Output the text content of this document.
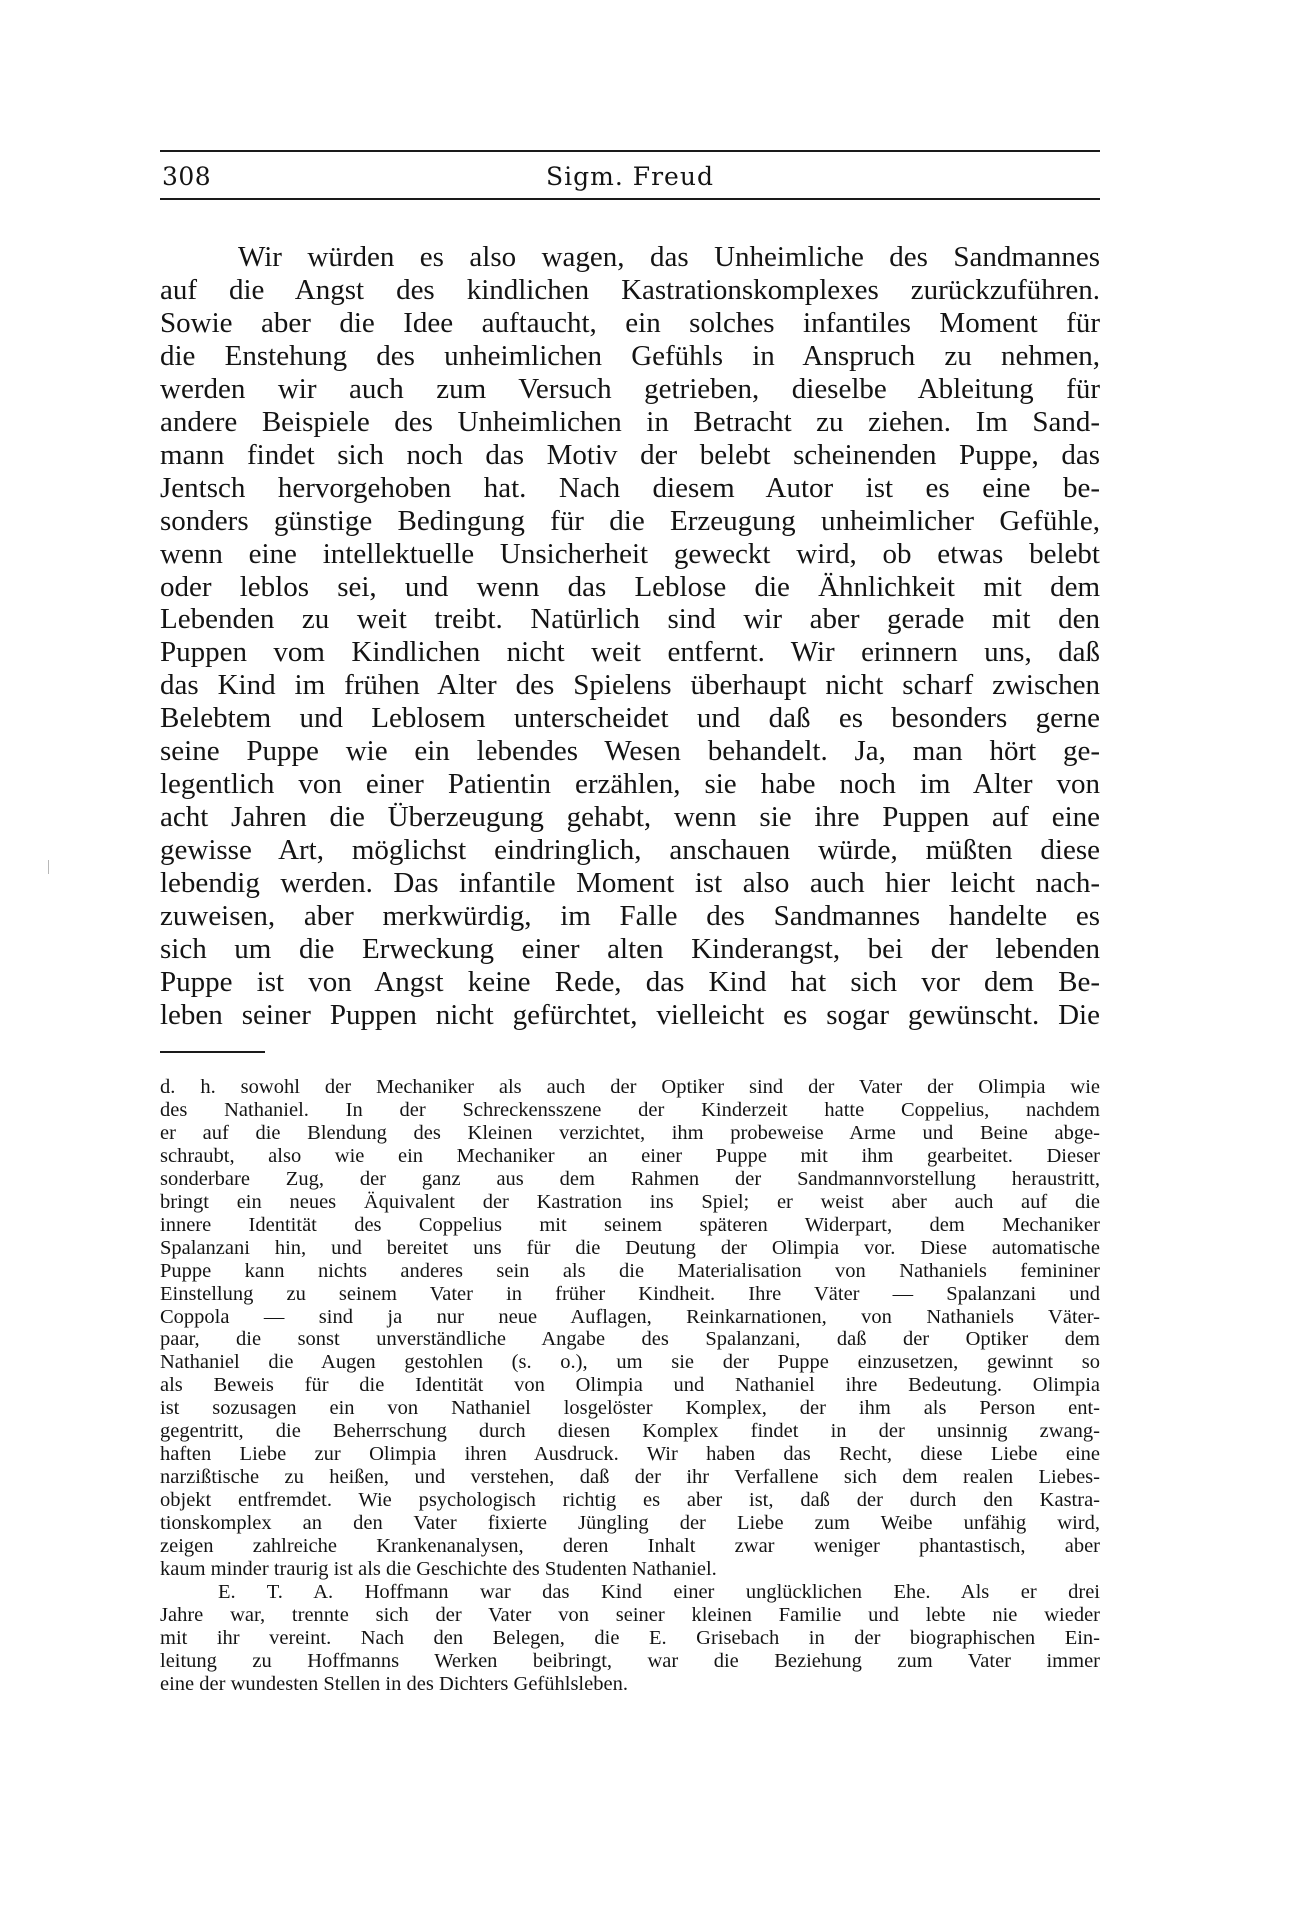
308	Sigm. Freud
Wir würden es also wagen, das Unheimliche des Sandmannes
auf die Angst des kindlichen Kastrationskomplexes zurückzuführen.
Sowie aber die Idee auftaucht, ein solches infantiles Moment für
die Enstehung des unheimlichen Gefühls in Anspruch zu nehmen,
werden wir auch zum Versuch getrieben, dieselbe Ableitung für
andere Beispiele des Unheimlichen in Betracht zu ziehen. Im Sand-
mann findet sich noch das Motiv der belebt scheinenden Puppe, das
Jentsch hervorgehoben hat. Nach diesem Autor ist es eine be-
sonders günstige Bedingung für die Erzeugung unheimlicher Gefühle,
wenn eine intellektuelle Unsicherheit geweckt wird, ob etwas belebt
oder leblos sei, und wenn das Leblose die Ähnlichkeit mit dem
Lebenden zu weit treibt. Natürlich sind wir aber gerade mit den
Puppen vom Kindlichen nicht weit entfernt. Wir erinnern uns, daß
das Kind im frühen Alter des Spielens überhaupt nicht scharf zwischen
Belebtem und Leblosem unterscheidet und daß es besonders gerne
seine Puppe wie ein lebendes Wesen behandelt. Ja, man hört ge-
legentlich von einer Patientin erzählen, sie habe noch im Alter von
acht Jahren die Überzeugung gehabt, wenn sie ihre Puppen auf eine
gewisse Art, möglichst eindringlich, anschauen würde, müßten diese
lebendig werden. Das infantile Moment ist also auch hier leicht nach-
zuweisen, aber merkwürdig, im Falle des Sandmannes handelte es
sich um die Erweckung einer alten Kinderangst, bei der lebenden
Puppe ist von Angst keine Rede, das Kind hat sich vor dem Be-
leben seiner Puppen nicht gefürchtet, vielleicht es sogar gewünscht. Die
d. h. sowohl der Mechaniker als auch der Optiker sind der Vater der Olimpia wie
des Nathaniel. In der Schreckensszene der Kinderzeit hatte Coppelius, nachdem
er auf die Blendung des Kleinen verzichtet, ihm probeweise Arme und Beine abge-
schraubt, also wie ein Mechaniker an einer Puppe mit ihm gearbeitet. Dieser
sonderbare Zug, der ganz aus dem Rahmen der Sandmannvorstellung heraustritt,
bringt ein neues Äquivalent der Kastration ins Spiel; er weist aber auch auf die
innere Identität des Coppelius mit seinem späteren Widerpart, dem Mechaniker
Spalanzani hin, und bereitet uns für die Deutung der Olimpia vor. Diese automatische
Puppe kann nichts anderes sein als die Materialisation von Nathaniels femininer
Einstellung zu seinem Vater in früher Kindheit. Ihre Väter — Spalanzani und
Coppola — sind ja nur neue Auflagen, Reinkarnationen, von Nathaniels Väter-
paar, die sonst unverständliche Angabe des Spalanzani, daß der Optiker dem
Nathaniel die Augen gestohlen (s. o.), um sie der Puppe einzusetzen, gewinnt so
als Beweis für die Identität von Olimpia und Nathaniel ihre Bedeutung. Olimpia
ist sozusagen ein von Nathaniel losgelöster Komplex, der ihm als Person ent-
gegentritt, die Beherrschung durch diesen Komplex findet in der unsinnig zwang-
haften Liebe zur Olimpia ihren Ausdruck. Wir haben das Recht, diese Liebe eine
narzißtische zu heißen, und verstehen, daß der ihr Verfallene sich dem realen Liebes-
objekt entfremdet. Wie psychologisch richtig es aber ist, daß der durch den Kastra-
tionskomplex an den Vater fixierte Jüngling der Liebe zum Weibe unfähig wird,
zeigen zahlreiche Krankenanalysen, deren Inhalt zwar weniger phantastisch, aber
kaum minder traurig ist als die Geschichte des Studenten Nathaniel.
E. T. A. Hoffmann war das Kind einer unglücklichen Ehe. Als er drei
Jahre war, trennte sich der Vater von seiner kleinen Familie und lebte nie wieder
mit ihr vereint. Nach den Belegen, die E. Grisebach in der biographischen Ein-
leitung zu Hoffmanns Werken beibringt, war die Beziehung zum Vater immer
eine der wundesten Stellen in des Dichters Gefühlsleben.
